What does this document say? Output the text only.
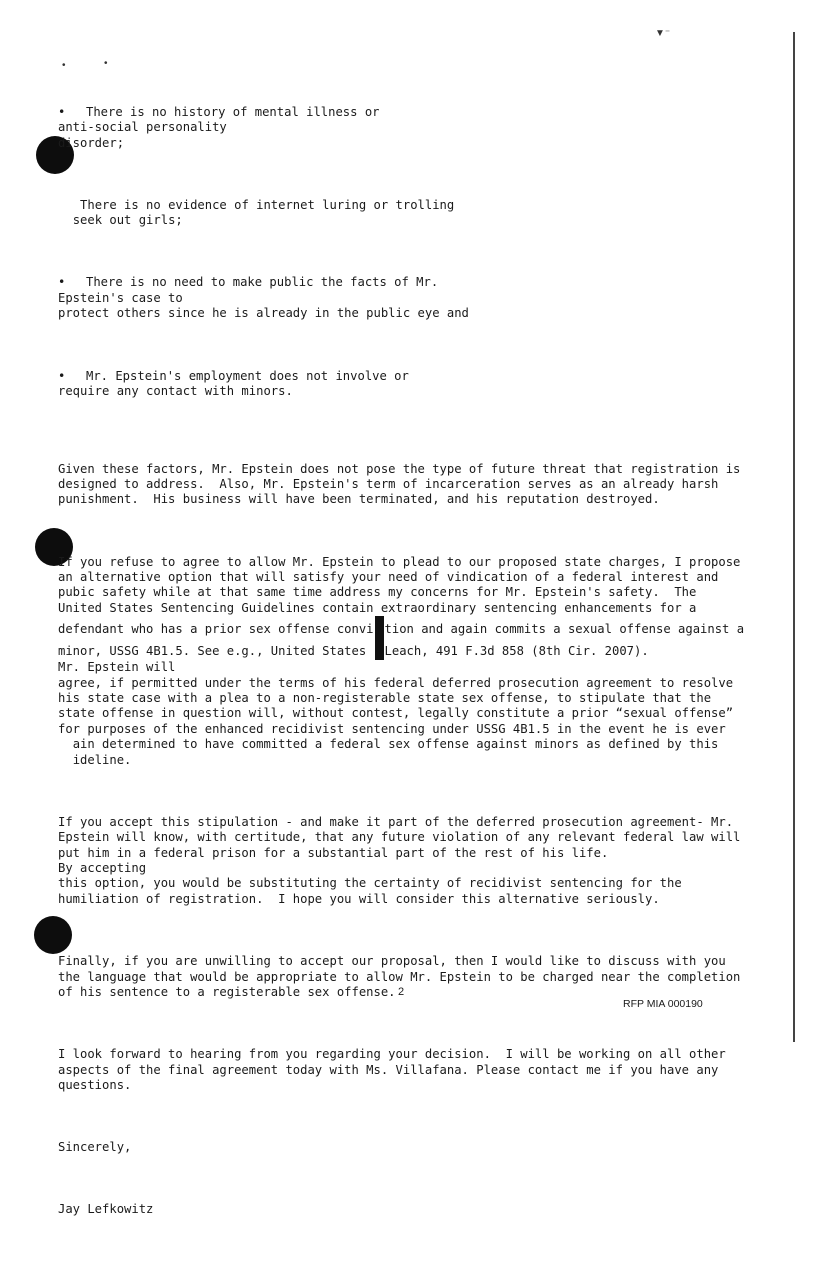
▼⁻
•	•

• There is no history of mental illness or
anti-social personality
disorder;

There is no evidence of internet luring or trolling
seek out girls;

• There is no need to make public the facts of Mr.
Epstein's case to
protect others since he is already in the public eye and

• Mr. Epstein's employment does not involve or
require any contact with minors.

Given these factors, Mr. Epstein does not pose the type of future threat that registration is
designed to address.  Also, Mr. Epstein's term of incarceration serves as an already harsh
punishment.  His business will have been terminated, and his reputation destroyed.

If you refuse to agree to allow Mr. Epstein to plead to our proposed state charges, I propose
an alternative option that will satisfy your need of vindication of a federal interest and
pubic safety while at that same time address my concerns for Mr. Epstein's safety.  The
United States Sentencing Guidelines contain extraordinary sentencing enhancements for a
defendant who has a prior sex offense convi tion and again commits a sexual offense against a
minor, USSG 4B1.5. See e.g., United States Leach, 491 F.3d 858 (8th Cir. 2007).
Mr. Epstein will
agree, if permitted under the terms of his federal deferred prosecution agreement to resolve
his state case with a plea to a non-registerable state sex offense, to stipulate that the
state offense in question will, without contest, legally constitute a prior “sexual offense”
for purposes of the enhanced recidivist sentencing under USSG 4B1.5 in the event he is ever
ain determined to have committed a federal sex offense against minors as defined by this
ideline.

If you accept this stipulation - and make it part of the deferred prosecution agreement- Mr.
Epstein will know, with certitude, that any future violation of any relevant federal law will
put him in a federal prison for a substantial part of the rest of his life.
By accepting
this option, you would be substituting the certainty of recidivist sentencing for the
humiliation of registration.  I hope you will consider this alternative seriously.

Finally, if you are unwilling to accept our proposal, then I would like to discuss with you
the language that would be appropriate to allow Mr. Epstein to be charged near the completion
of his sentence to a registerable sex offense.

I look forward to hearing from you regarding your decision.  I will be working on all other
aspects of the final agreement today with Ms. Villafana. Please contact me if you have any
questions.

Sincerely,

Jay Lefkowitz

2
RFP MIA 000190
